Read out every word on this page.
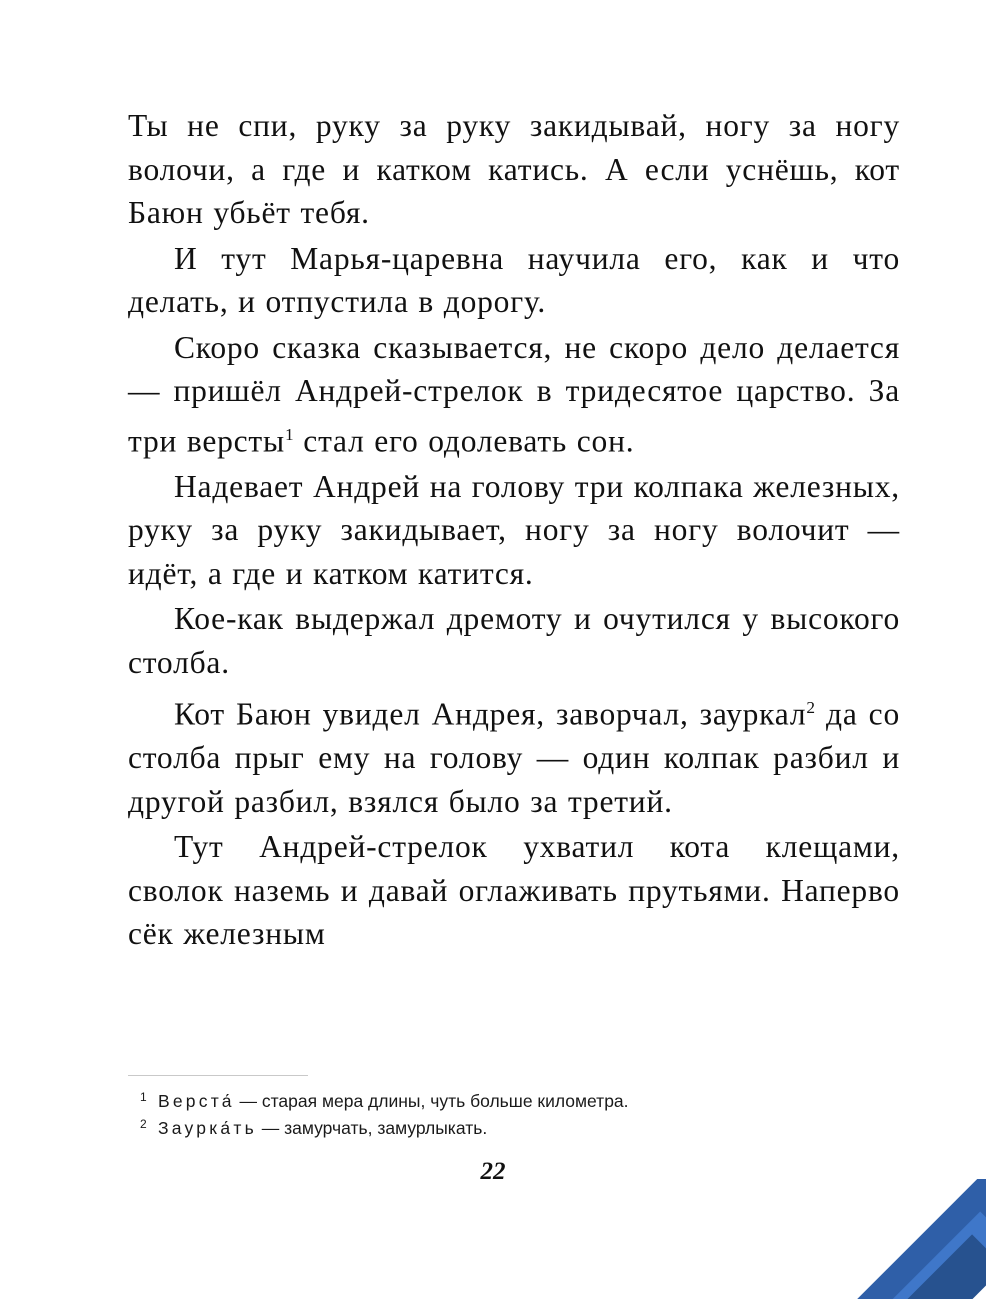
Ты не спи, руку за руку закидывай, ногу за ногу волочи, а где и катком катись. А если уснёшь, кот Баюн убьёт тебя.

И тут Марья-царевна научила его, как и что делать, и отпустила в дорогу.

Скоро сказка сказывается, не скоро дело делается — пришёл Андрей-стрелок в тридесятое царство. За три версты$^1$ стал его одолевать сон.

Надевает Андрей на голову три колпака железных, руку за руку закидывает, ногу за ногу волочит — идёт, а где и катком катится.

Кое-как выдержал дремоту и очутился у высокого столба.

Кот Баюн увидел Андрея, заворчал, зауркал$^2$ да со столба прыг ему на голову — один колпак разбил и другой разбил, взялся было за третий.

Тут Андрей-стрелок ухватил кота клещами, сволок наземь и давай оглаживать прутьями. Наперво сёк железным

1 Верста́ — старая мера длины, чуть больше километра.

2 Заурка́ть — замурчать, замурлыкать.

22
